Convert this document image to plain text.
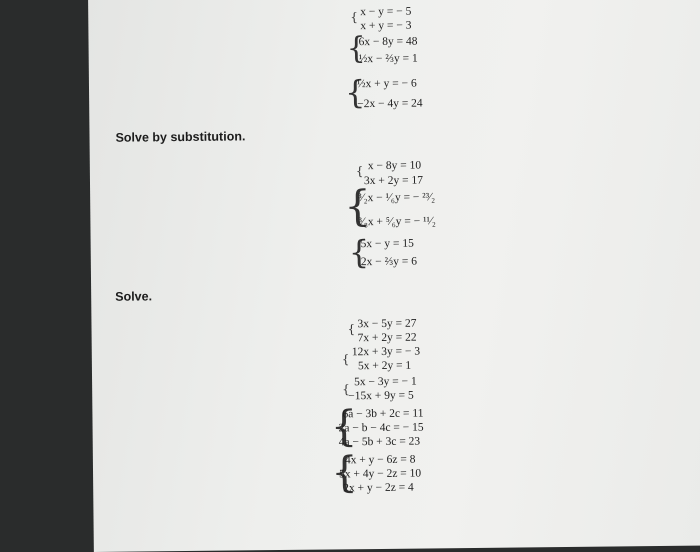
{ x − y = − 5
x + y = − 3
{
6x − 8y = 48
½x − ⅔y = 1
{
½x + y = − 6
−2x − 4y = 24
Solve by substitution.
{ x − 8y = 10
3x + 2y = 17
{
³⁄₂x − ¹⁄₆y = − ²³⁄₂
³⁄₈x + ⁵⁄₆y = − ¹¹⁄₂
{
5x − y = 15
2x − ⅔y = 6
Solve.
{ 3x − 5y = 27
7x + 2y = 22
{
12x + 3y = − 3
5x + 2y = 1
{
5x − 3y = − 1
−15x + 9y = 5
{
6a − 3b + 2c = 11
2a − b − 4c = − 15
4a − 5b + 3c = 23
{
4x + y − 6z = 8
5x + 4y − 2z = 10
2x + y − 2z = 4
